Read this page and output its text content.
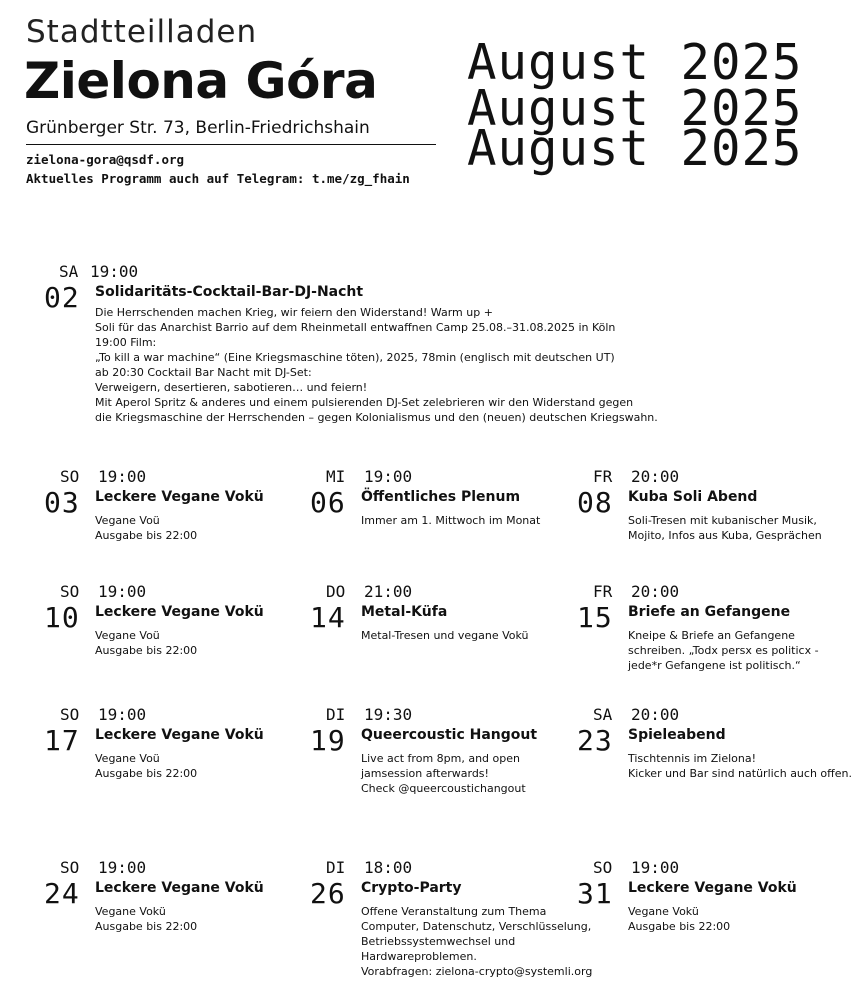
Stadtteilladen
Zielona Góra
Grünberger Str. 73, Berlin-Friedrichshain
zielona-gora@qsdf.org
Aktuelles Programm auch auf Telegram: t.me/zg_fhain
August 2025
August 2025
August 2025
SA 19:00
02 Solidaritäts-Cocktail-Bar-DJ-Nacht
Die Herrschenden machen Krieg, wir feiern den Widerstand! Warm up +
Soli für das Anarchist Barrio auf dem Rheinmetall entwaffnen Camp 25.08.–31.08.2025 in Köln
19:00 Film:
„To kill a war machine“ (Eine Kriegsmaschine töten), 2025, 78min (englisch mit deutschen UT)
ab 20:30 Cocktail Bar Nacht mit DJ-Set:
Verweigern, desertieren, sabotieren… und feiern!
Mit Aperol Spritz & anderes und einem pulsierenden DJ-Set zelebrieren wir den Widerstand gegen
die Kriegsmaschine der Herrschenden – gegen Kolonialismus und den (neuen) deutschen Kriegswahn.
SO 19:00
03 Leckere Vegane Vokü
Vegane Voü
Ausgabe bis 22:00
MI 19:00
06 Öffentliches Plenum
Immer am 1. Mittwoch im Monat
FR 20:00
08 Kuba Soli Abend
Soli-Tresen mit kubanischer Musik,
Mojito, Infos aus Kuba, Gesprächen
SO 19:00
10 Leckere Vegane Vokü
Vegane Voü
Ausgabe bis 22:00
DO 21:00
14 Metal-Küfa
Metal-Tresen und vegane Vokü
FR 20:00
15 Briefe an Gefangene
Kneipe & Briefe an Gefangene
schreiben. „Todx persx es politicx -
jede*r Gefangene ist politisch.“
SO 19:00
17 Leckere Vegane Vokü
Vegane Voü
Ausgabe bis 22:00
DI 19:30
19 Queercoustic Hangout
Live act from 8pm, and open
jamsession afterwards!
Check @queercoustichangout
SA 20:00
23 Spieleabend
Tischtennis im Zielona!
Kicker und Bar sind natürlich auch offen.
SO 19:00
24 Leckere Vegane Vokü
Vegane Vokü
Ausgabe bis 22:00
DI 18:00
26 Crypto-Party
Offene Veranstaltung zum Thema
Computer, Datenschutz, Verschlüsselung,
Betriebssystemwechsel und
Hardwareproblemen.
Vorabfragen: zielona-crypto@systemli.org
SO 19:00
31 Leckere Vegane Vokü
Vegane Vokü
Ausgabe bis 22:00
